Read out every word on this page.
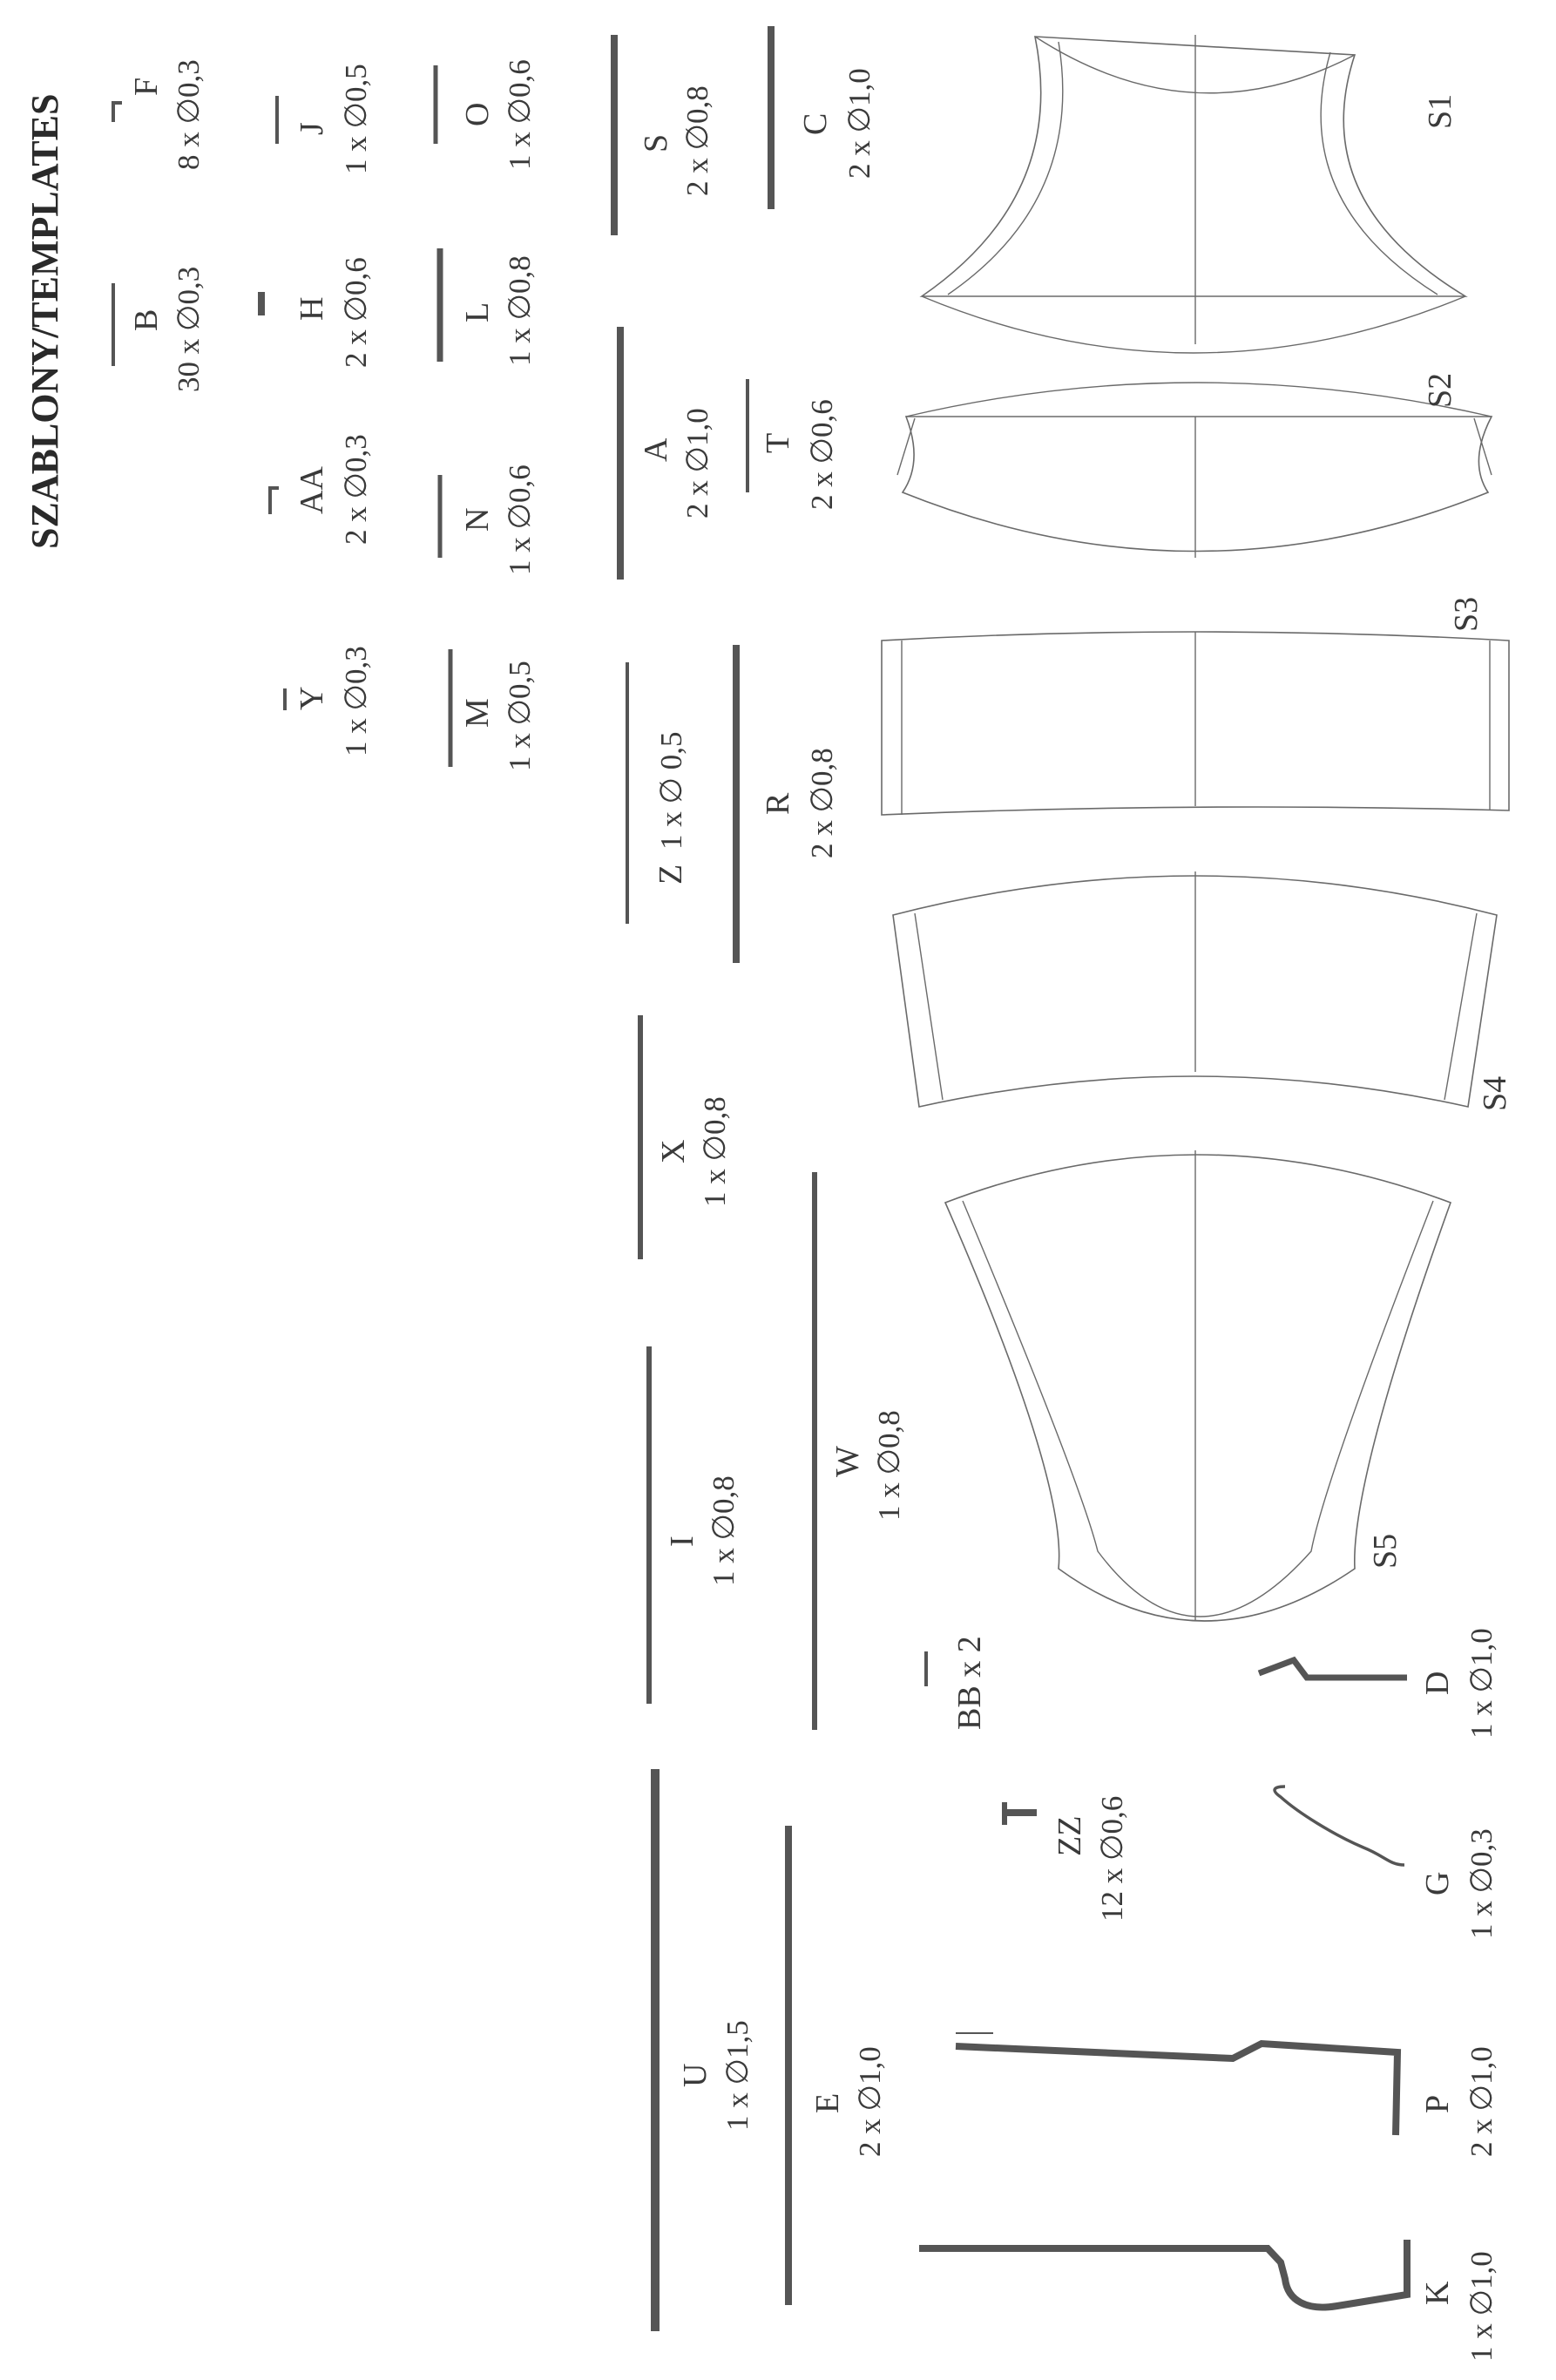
SZABLONY/TEMPLATES B 30 x ∅0,3
F 8 x ∅0,3
Y 1 x ∅0,3
AA 2 x ∅0,3
H 2 x ∅0,6
J 1 x ∅0,5
M 1 x ∅0,5
N 1 x ∅0,6
L 1 x ∅0,8
O 1 x ∅0,6
Z
1 x ∅ 0,5
A 2 x ∅1,0
S 2 x ∅0,8
R 2 x ∅0,8
T 2 x ∅0,6
C 2 x ∅1,0
X 1 x ∅0,8
I 1 x ∅0,8
W 1 x ∅0,8
U 1 x ∅1,5 E 2 x ∅1,0
ZZ 12 x ∅0,6
BB x 2	D 1 x ∅1,0
G 1 x ∅0,3
P 2 x ∅1,0
K 1 x ∅1,0
S1
S2
S3
S4
S5
